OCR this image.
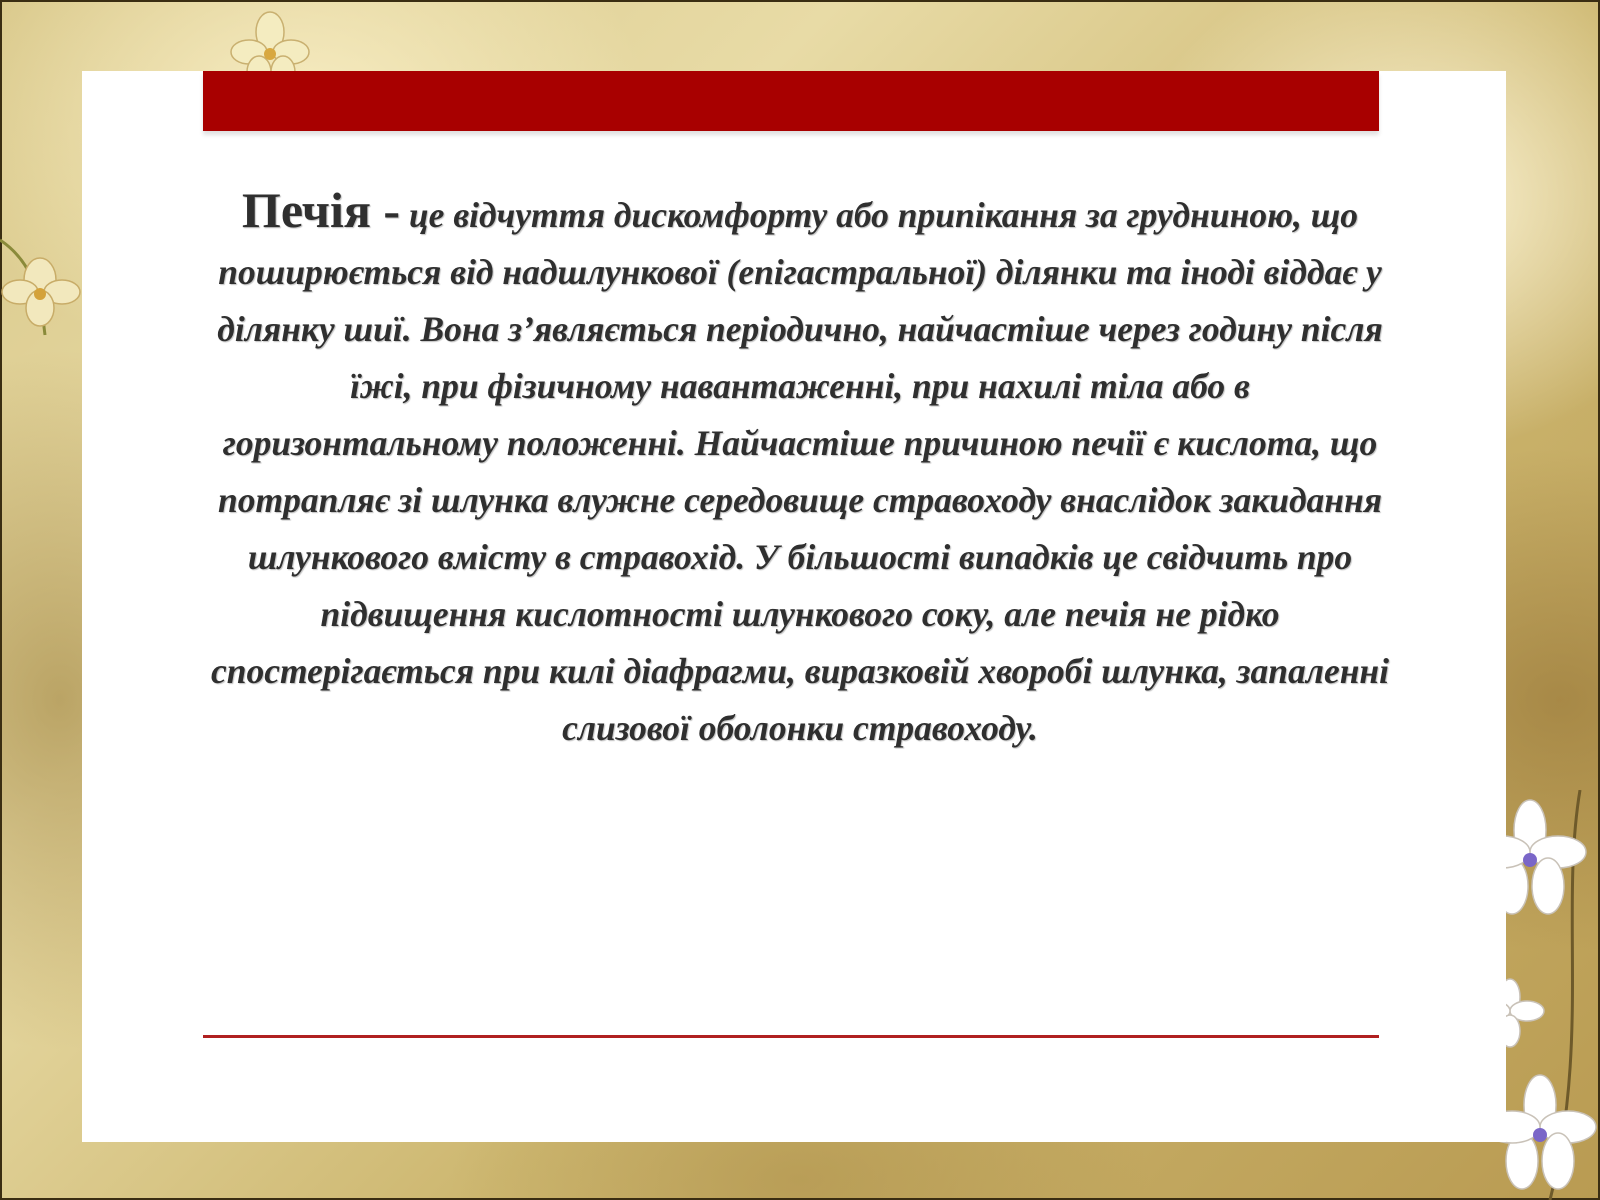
Печія - це відчуття дискомфорту або припікання за грудниною, що поширюється від надшлункової (епігастральної) ділянки та іноді віддає у ділянку шиї. Вона з’являється періодично, найчастіше через годину після їжі, при фізичному навантаженні, при нахилі тіла або в горизонтальному положенні. Найчастіше причиною печії є кислота, що потрапляє зі шлунка влужне середовище стравоходу внаслідок закидання шлункового вмісту в стравохід. У більшості випадків це свідчить про підвищення кислотності шлункового соку, але печія не рідко спостерігається при килі діафрагми, виразковій хворобі шлунка, запаленні слизової оболонки стравоходу.
